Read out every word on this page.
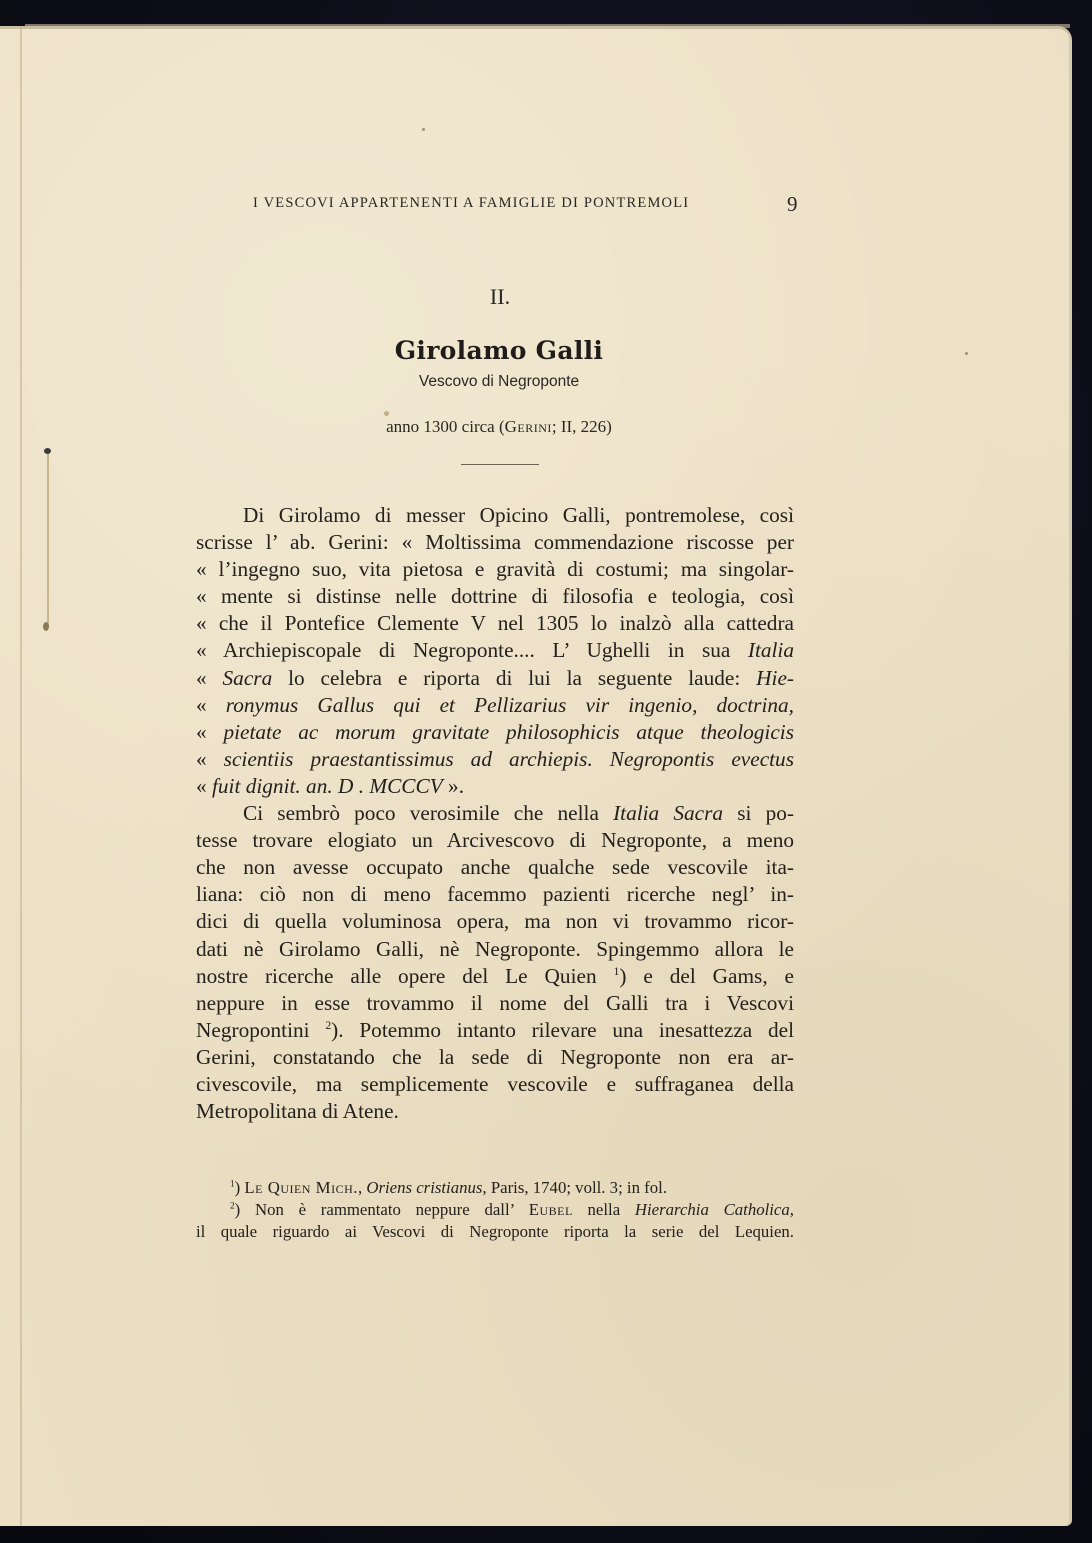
I VESCOVI APPARTENENTI A FAMIGLIE DI PONTREMOLI	9
II.
Girolamo Galli
Vescovo di Negroponte
anno 1300 circa (Gerini; II, 226)
Di Girolamo di messer Opicino Galli, pontremolese, così
scrisse l’ ab. Gerini: « Moltissima commendazione riscosse per
« l’ingegno suo, vita pietosa e gravità di costumi; ma singolar-
« mente si distinse nelle dottrine di filosofia e teologia, così
« che il Pontefice Clemente V nel 1305 lo inalzò alla cattedra
« Archiepiscopale di Negroponte.... L’ Ughelli in sua Italia
« Sacra lo celebra e riporta di lui la seguente laude: Hie-
« ronymus Gallus qui et Pellizarius vir ingenio, doctrina,
« pietate ac morum gravitate philosophicis atque theologicis
« scientiis praestantissimus ad archiepis. Negropontis evectus
« fuit dignit. an. D . MCCCV ».
Ci sembrò poco verosimile che nella Italia Sacra si po-
tesse trovare elogiato un Arcivescovo di Negroponte, a meno
che non avesse occupato anche qualche sede vescovile ita-
liana: ciò non di meno facemmo pazienti ricerche negl’ in-
dici di quella voluminosa opera, ma non vi trovammo ricor-
dati nè Girolamo Galli, nè Negroponte. Spingemmo allora le
nostre ricerche alle opere del Le Quien $^1$) e del Gams, e
neppure in esse trovammo il nome del Galli tra i Vescovi
Negropontini $^2$). Potemmo intanto rilevare una inesattezza del
Gerini, constatando che la sede di Negroponte non era ar-
civescovile, ma semplicemente vescovile e suffraganea della
Metropolitana di Atene.
$^1$) Le Quien Mich., Oriens cristianus, Paris, 1740; voll. 3; in fol.
$^2$) Non è rammentato neppure dall’ Eubel nella Hierarchia Catholica,
il quale riguardo ai Vescovi di Negroponte riporta la serie del Lequien.
